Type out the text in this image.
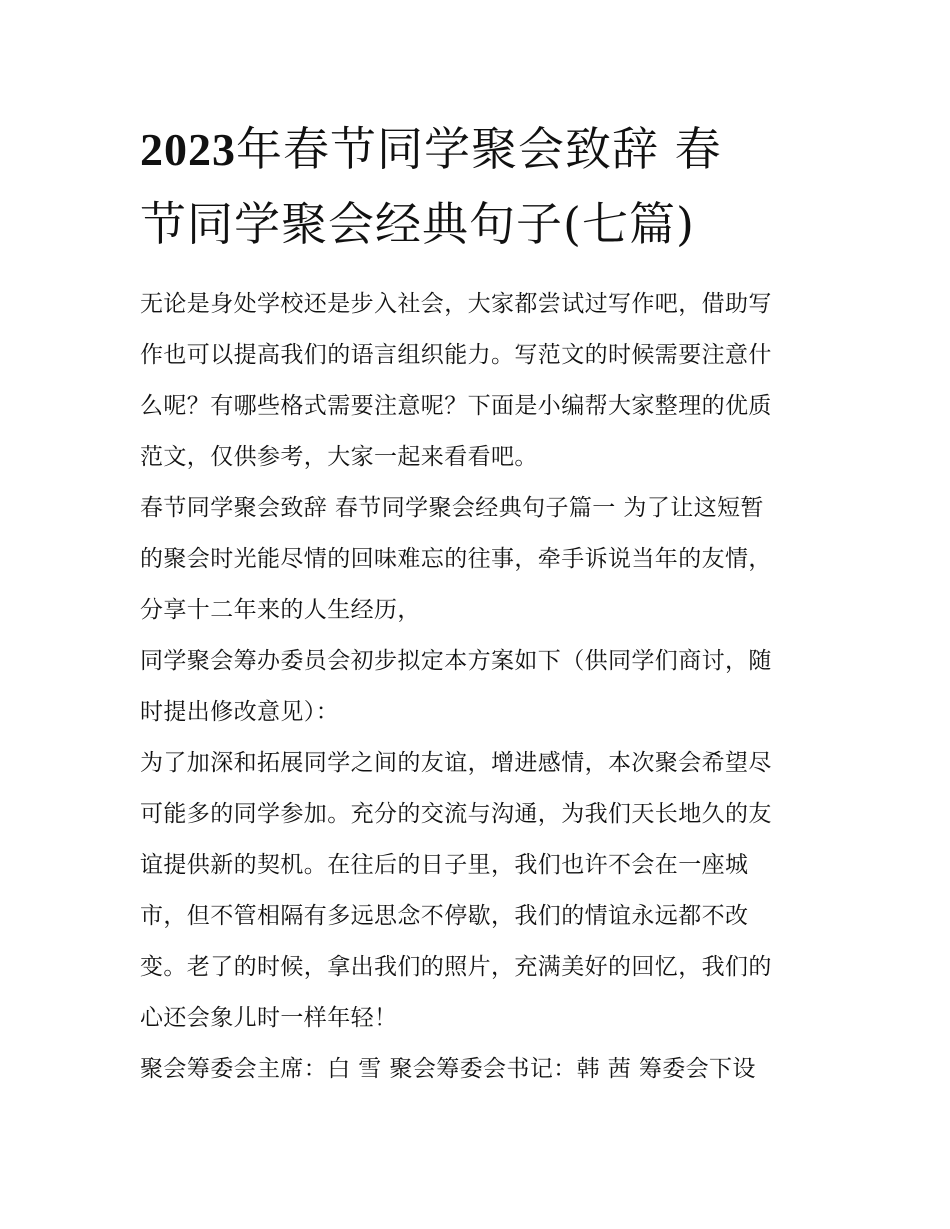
2023年春节同学聚会致辞 春
节同学聚会经典句子(七篇)

无论是身处学校还是步入社会，大家都尝试过写作吧，借助写
作也可以提高我们的语言组织能力。写范文的时候需要注意什
么呢？有哪些格式需要注意呢？下面是小编帮大家整理的优质
范文，仅供参考，大家一起来看看吧。

春节同学聚会致辞 春节同学聚会经典句子篇一 为了让这短暂
的聚会时光能尽情的回味难忘的往事，牵手诉说当年的友情，
分享十二年来的人生经历，

同学聚会筹办委员会初步拟定本方案如下（供同学们商讨，随
时提出修改意见）：

为了加深和拓展同学之间的友谊，增进感情，本次聚会希望尽
可能多的同学参加。充分的交流与沟通，为我们天长地久的友
谊提供新的契机。在往后的日子里，我们也许不会在一座城
市，但不管相隔有多远思念不停歇，我们的情谊永远都不改
变。老了的时候，拿出我们的照片，充满美好的回忆，我们的
心还会象儿时一样年轻！

聚会筹委会主席：白 雪 聚会筹委会书记：韩 茜 筹委会下设
